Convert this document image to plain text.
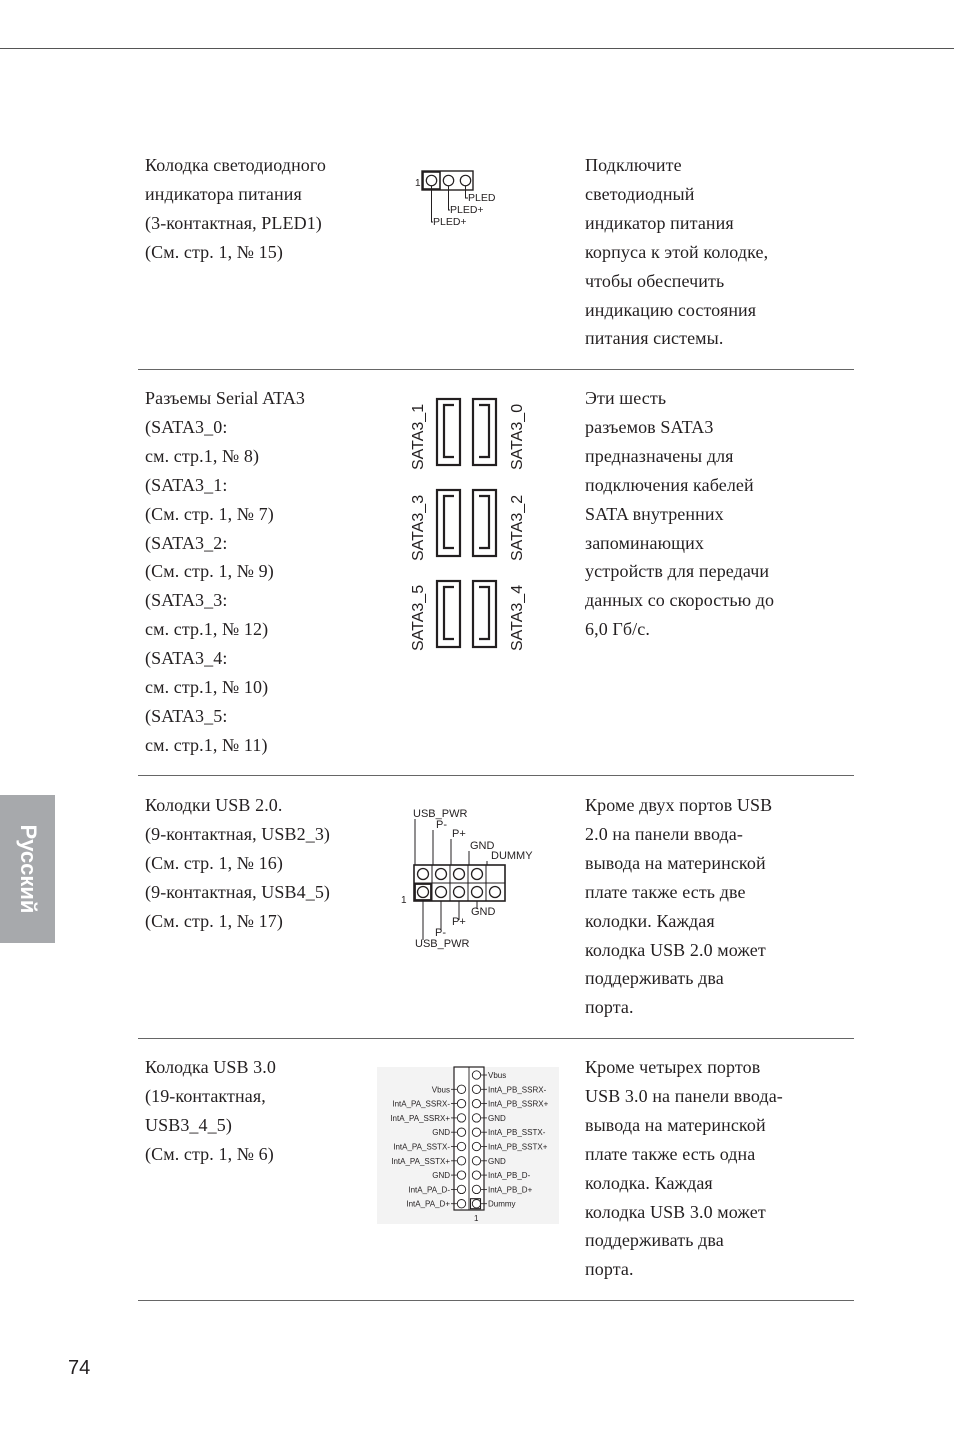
Колодка светодиодного
индикатора питания
(3-контактная, PLED1)
(См. стр. 1, № 15)
1
PLED
PLED+
PLED+
Подключите
светодиодный
индикатор питания
корпуса к этой колодке,
чтобы обеспечить
индикацию состояния
питания системы.
Разъемы Serial ATA3
(SATA3_0:
см. стр.1, № 8)
(SATA3_1:
(См. стр. 1, № 7)
(SATA3_2:
(См. стр. 1, № 9)
(SATA3_3:
см. стр.1, № 12)
(SATA3_4:
см. стр.1, № 10)
(SATA3_5:
см. стр.1, № 11)
SATA3_1
SATA3_3
SATA3_5
SATA3_0
SATA3_2
SATA3_4
Эти шесть
разъемов SATA3
предназначены для
подключения кабелей
SATA внутренних
запоминающих
устройств для передачи
данных со скоростью до
6,0 Гб/с.
Колодки USB 2.0.
(9-контактная, USB2_3)
(См. стр. 1, № 16)
(9-контактная, USB4_5)
(См. стр. 1, № 17)
USB_PWR
P-
P+
GND
DUMMY
1
GND
P+
P-
USB_PWR
Кроме двух портов USB
2.0 на панели ввода-
вывода на материнской
плате также есть две
колодки. Каждая
колодка USB 2.0 может
поддерживать два
порта.
Колодка USB 3.0
(19-контактная,
USB3_4_5)
(См. стр. 1, № 6)
Vbus
IntA_PB_SSRX-
Vbus
IntA_PB_SSRX+
IntA_PA_SSRX-
GND
IntA_PA_SSRX+
IntA_PB_SSTX-
GND
IntA_PB_SSTX+
IntA_PA_SSTX-
GND
IntA_PA_SSTX+
IntA_PB_D-
GND
IntA_PB_D+
IntA_PA_D-
Dummy
IntA_PA_D+
1
Кроме четырех портов
USB 3.0 на панели ввода-
вывода на материнской
плате также есть одна
колодка. Каждая
колодка USB 3.0 может
поддерживать два
порта.
Русский
74
